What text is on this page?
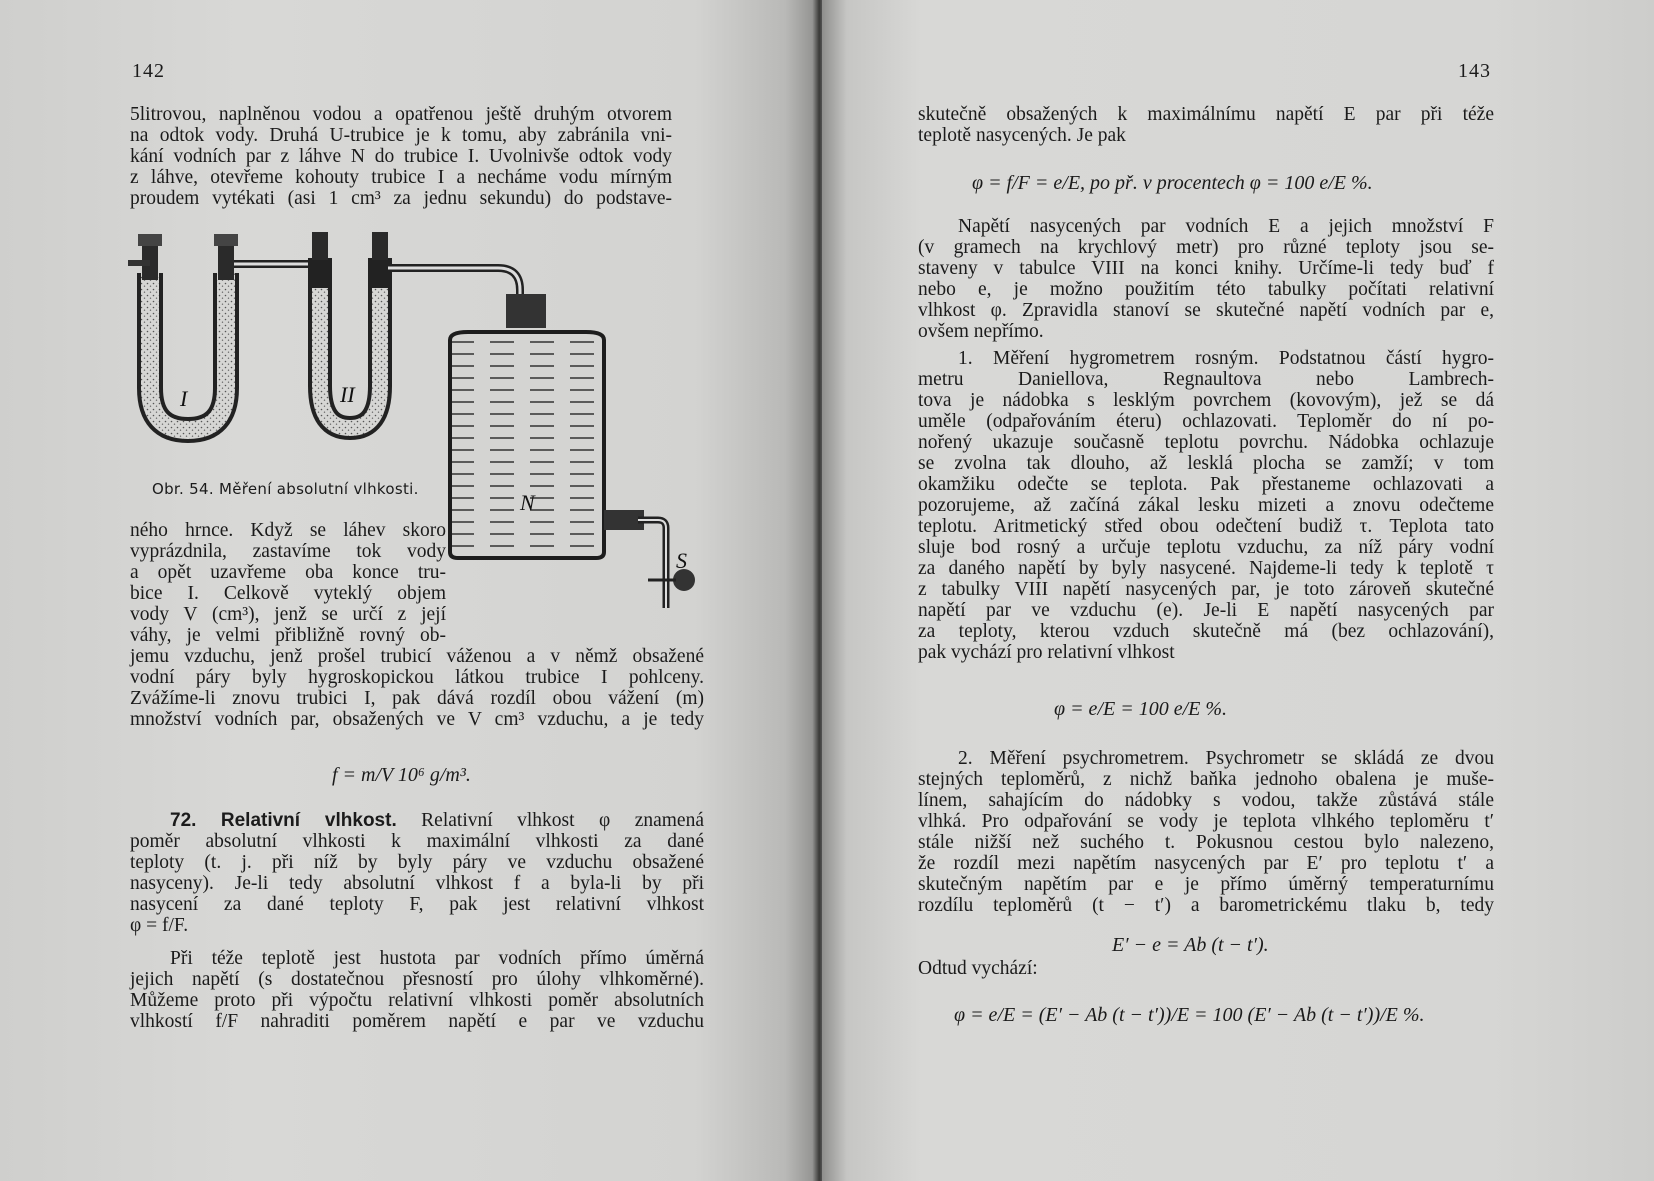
142
5litrovou, naplněnou vodou a opatřenou ještě druhým otvorem
na odtok vody. Druhá U-trubice je k tomu, aby zabránila vni-
kání vodních par z láhve N do trubice I. Uvolnivše odtok vody
z láhve, otevřeme kohouty trubice I a necháme vodu mírným
proudem vytékati (asi 1 cm³ za jednu sekundu) do podstave-
I	II
N
S
Obr. 54. Měření absolutní vlhkosti.
ného hrnce. Když se láhev skoro
vyprázdnila, zastavíme tok vody
a opět uzavřeme oba konce tru-
bice I. Celkově vyteklý objem
vody V (cm³), jenž se určí z její
váhy, je velmi přibližně rovný ob-
jemu vzduchu, jenž prošel trubicí váženou a v němž obsažené
vodní páry byly hygroskopickou látkou trubice I pohlceny.
Zvážíme-li znovu trubici I, pak dává rozdíl obou vážení (m)
množství vodních par, obsažených ve V cm³ vzduchu, a je tedy
f = m/V 10⁶ g/m³.
72. Relativní vlhkost. Relativní vlhkost φ znamená
poměr absolutní vlhkosti k maximální vlhkosti za dané
teploty (t. j. při níž by byly páry ve vzduchu obsažené
nasyceny). Je-li tedy absolutní vlhkost f a byla-li by při
nasycení za dané teploty F, pak jest relativní vlhkost
φ = f/F.
Při téže teplotě jest hustota par vodních přímo úměrná
jejich napětí (s dostatečnou přesností pro úlohy vlhkoměrné).
Můžeme proto při výpočtu relativní vlhkosti poměr absolutních
vlhkostí f/F nahraditi poměrem napětí e par ve vzduchu
143
skutečně obsažených k maximálnímu napětí E par při téže
teplotě nasycených. Je pak
φ = f/F = e/E, po př. v procentech φ = 100 e/E %.
Napětí nasycených par vodních E a jejich množství F
(v gramech na krychlový metr) pro různé teploty jsou se-
staveny v tabulce VIII na konci knihy. Určíme-li tedy buď f
nebo e, je možno použitím této tabulky počítati relativní
vlhkost φ. Zpravidla stanoví se skutečné napětí vodních par e,
ovšem nepřímo.
1. Měření hygrometrem rosným. Podstatnou částí hygro-
metru Daniellova, Regnaultova nebo Lambrech-
tova je nádobka s lesklým povrchem (kovovým), jež se dá
uměle (odpařováním éteru) ochlazovati. Teploměr do ní po-
nořený ukazuje současně teplotu povrchu. Nádobka ochlazuje
se zvolna tak dlouho, až lesklá plocha se zamží; v tom
okamžiku odečte se teplota. Pak přestaneme ochlazovati a
pozorujeme, až začíná zákal lesku mizeti a znovu odečteme
teplotu. Aritmetický střed obou odečtení budiž τ. Teplota tato
sluje bod rosný a určuje teplotu vzduchu, za níž páry vodní
za daného napětí by byly nasycené. Najdeme-li tedy k teplotě τ
z tabulky VIII napětí nasycených par, je toto zároveň skutečné
napětí par ve vzduchu (e). Je-li E napětí nasycených par
za teploty, kterou vzduch skutečně má (bez ochlazování),
pak vychází pro relativní vlhkost
φ = e/E = 100 e/E %.
2. Měření psychrometrem. Psychrometr se skládá ze dvou
stejných teploměrů, z nichž baňka jednoho obalena je muše-
línem, sahajícím do nádobky s vodou, takže zůstává stále
vlhká. Pro odpařování se vody je teplota vlhkého teploměru t′
stále nižší než suchého t. Pokusnou cestou bylo nalezeno,
že rozdíl mezi napětím nasycených par E′ pro teplotu t′ a
skutečným napětím par e je přímo úměrný temperaturnímu
rozdílu teploměrů (t − t′) a barometrickému tlaku b, tedy
E′ − e = Ab (t − t′).
Odtud vychází:
φ = e/E = (E′ − Ab (t − t′))/E = 100 (E′ − Ab (t − t′))/E %.
